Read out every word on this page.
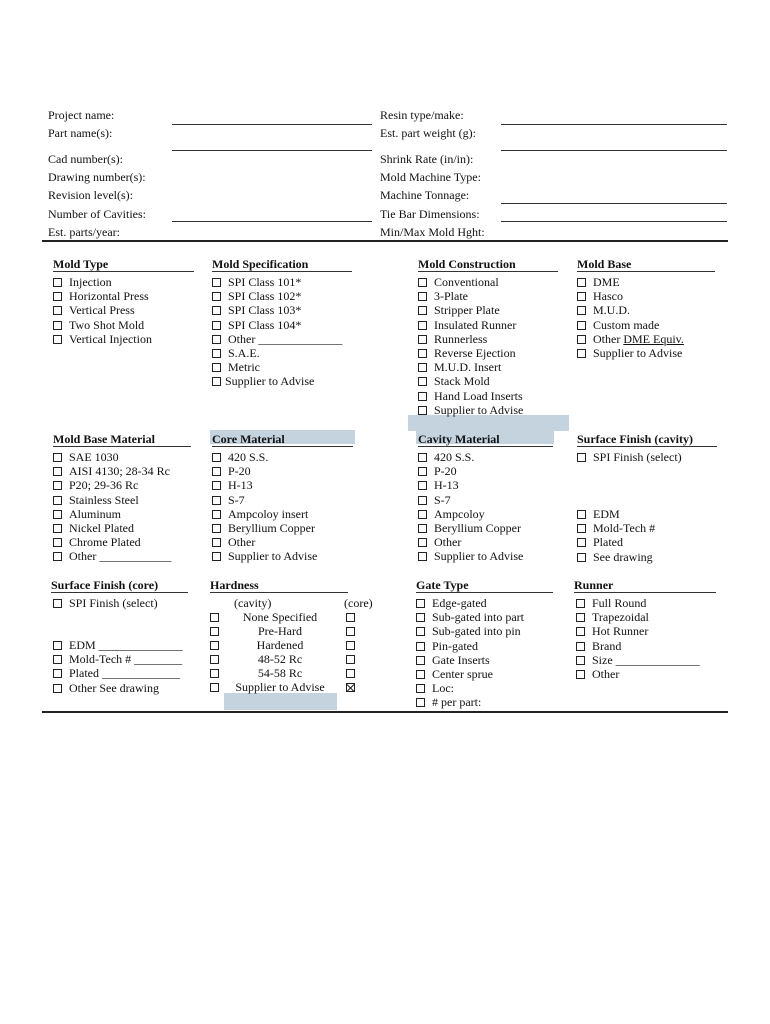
Project name:
Part name(s):
Cad number(s):
Drawing number(s):
Revision level(s):
Number of Cavities:
Est. parts/year:
Resin type/make:
Est. part weight (g):
Shrink Rate (in/in):
Mold Machine Type:
Machine Tonnage:
Tie Bar Dimensions:
Min/Max Mold Hght:
Mold Type
Injection
Horizontal Press
Vertical Press
Two Shot Mold
Vertical Injection
Mold Specification
SPI Class 101*
SPI Class 102*
SPI Class 103*
SPI Class 104*
Other ______________
S.A.E.
Metric
Supplier to Advise
Mold Construction
Conventional
3-Plate
Stripper Plate
Insulated Runner
Runnerless
Reverse Ejection
M.U.D. Insert
Stack Mold
Hand Load Inserts
Supplier to Advise
Mold Base
DME
Hasco
M.U.D.
Custom made
Other DME Equiv.
Supplier to Advise
Mold Base Material
SAE 1030
AISI 4130; 28-34 Rc
P20; 29-36 Rc
Stainless Steel
Aluminum
Nickel Plated
Chrome Plated
Other ____________
Core Material
420 S.S.
P-20
H-13
S-7
Ampcoloy insert
Beryllium Copper
Other
Supplier to Advise
Cavity Material
420 S.S.
P-20
H-13
S-7
Ampcoloy
Beryllium Copper
Other
Supplier to Advise
Surface Finish (cavity)
SPI Finish (select)
EDM
Mold-Tech #
Plated
See drawing
Surface Finish (core)
SPI Finish (select)
EDM ______________
Mold-Tech # ________
Plated _____________
Other See drawing
Hardness
(cavity)	(core)
None Specified
Pre-Hard
Hardened
48-52 Rc
54-58 Rc
Supplier to Advise
Gate Type
Edge-gated
Sub-gated into part
Sub-gated into pin
Pin-gated
Gate Inserts
Center sprue
Loc:
# per part:
Runner
Full Round
Trapezoidal
Hot Runner
Brand
Size ______________
Other
